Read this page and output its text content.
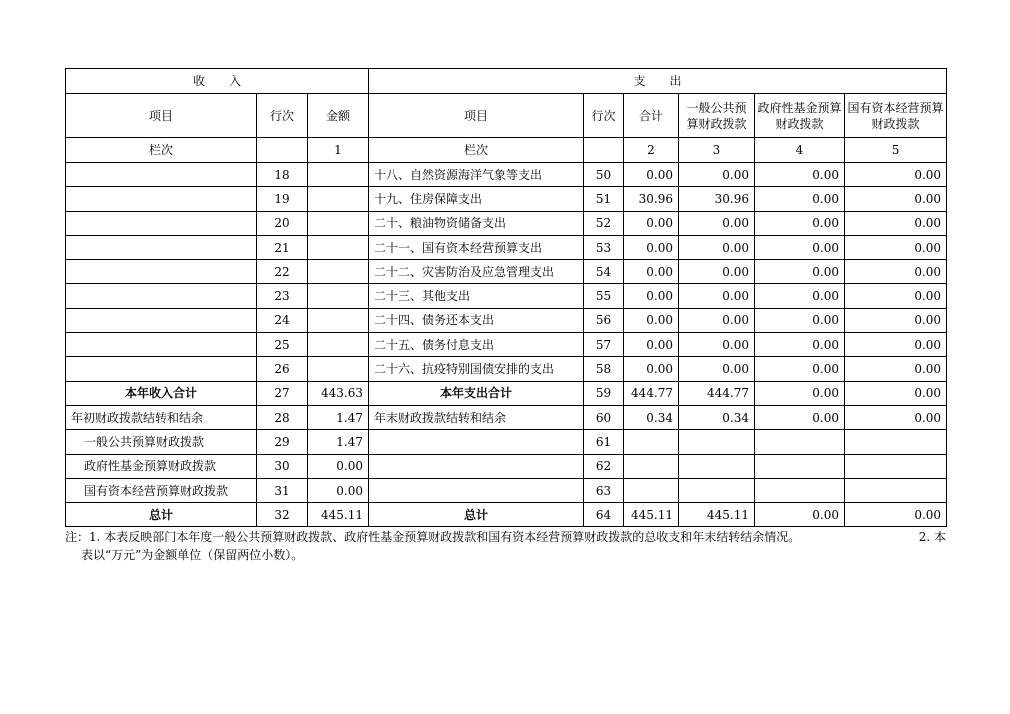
收　　入			支　　出					
项目	行次	金额	项目	行次	合计	一般公共预算财政拨款	政府性基金预算财政拨款	国有资本经营预算财政拨款
栏次		1	栏次		2	3	4	5
	18		十八、自然资源海洋气象等支出	50	0.00	0.00	0.00	0.00
	19		十九、住房保障支出	51	30.96	30.96	0.00	0.00
	20		二十、粮油物资储备支出	52	0.00	0.00	0.00	0.00
	21		二十一、国有资本经营预算支出	53	0.00	0.00	0.00	0.00
	22		二十二、灾害防治及应急管理支出	54	0.00	0.00	0.00	0.00
	23		二十三、其他支出	55	0.00	0.00	0.00	0.00
	24		二十四、债务还本支出	56	0.00	0.00	0.00	0.00
	25		二十五、债务付息支出	57	0.00	0.00	0.00	0.00
	26		二十六、抗疫特别国债安排的支出	58	0.00	0.00	0.00	0.00
本年收入合计	27	443.63	本年支出合计	59	444.77	444.77	0.00	0.00
年初财政拨款结转和结余	28	1.47	年末财政拨款结转和结余	60	0.34	0.34	0.00	0.00
一般公共预算财政拨款	29	1.47		61				
政府性基金预算财政拨款	30	0.00		62				
国有资本经营预算财政拨款	31	0.00		63				
总计	32	445.11	总计	64	445.11	445.11	0.00	0.00
注：1. 本表反映部门本年度一般公共预算财政拨款、政府性基金预算财政拨款和国有资本经营预算财政拨款的总收支和年末结转结余情况。	2. 本
表以“万元”为金额单位（保留两位小数）。
